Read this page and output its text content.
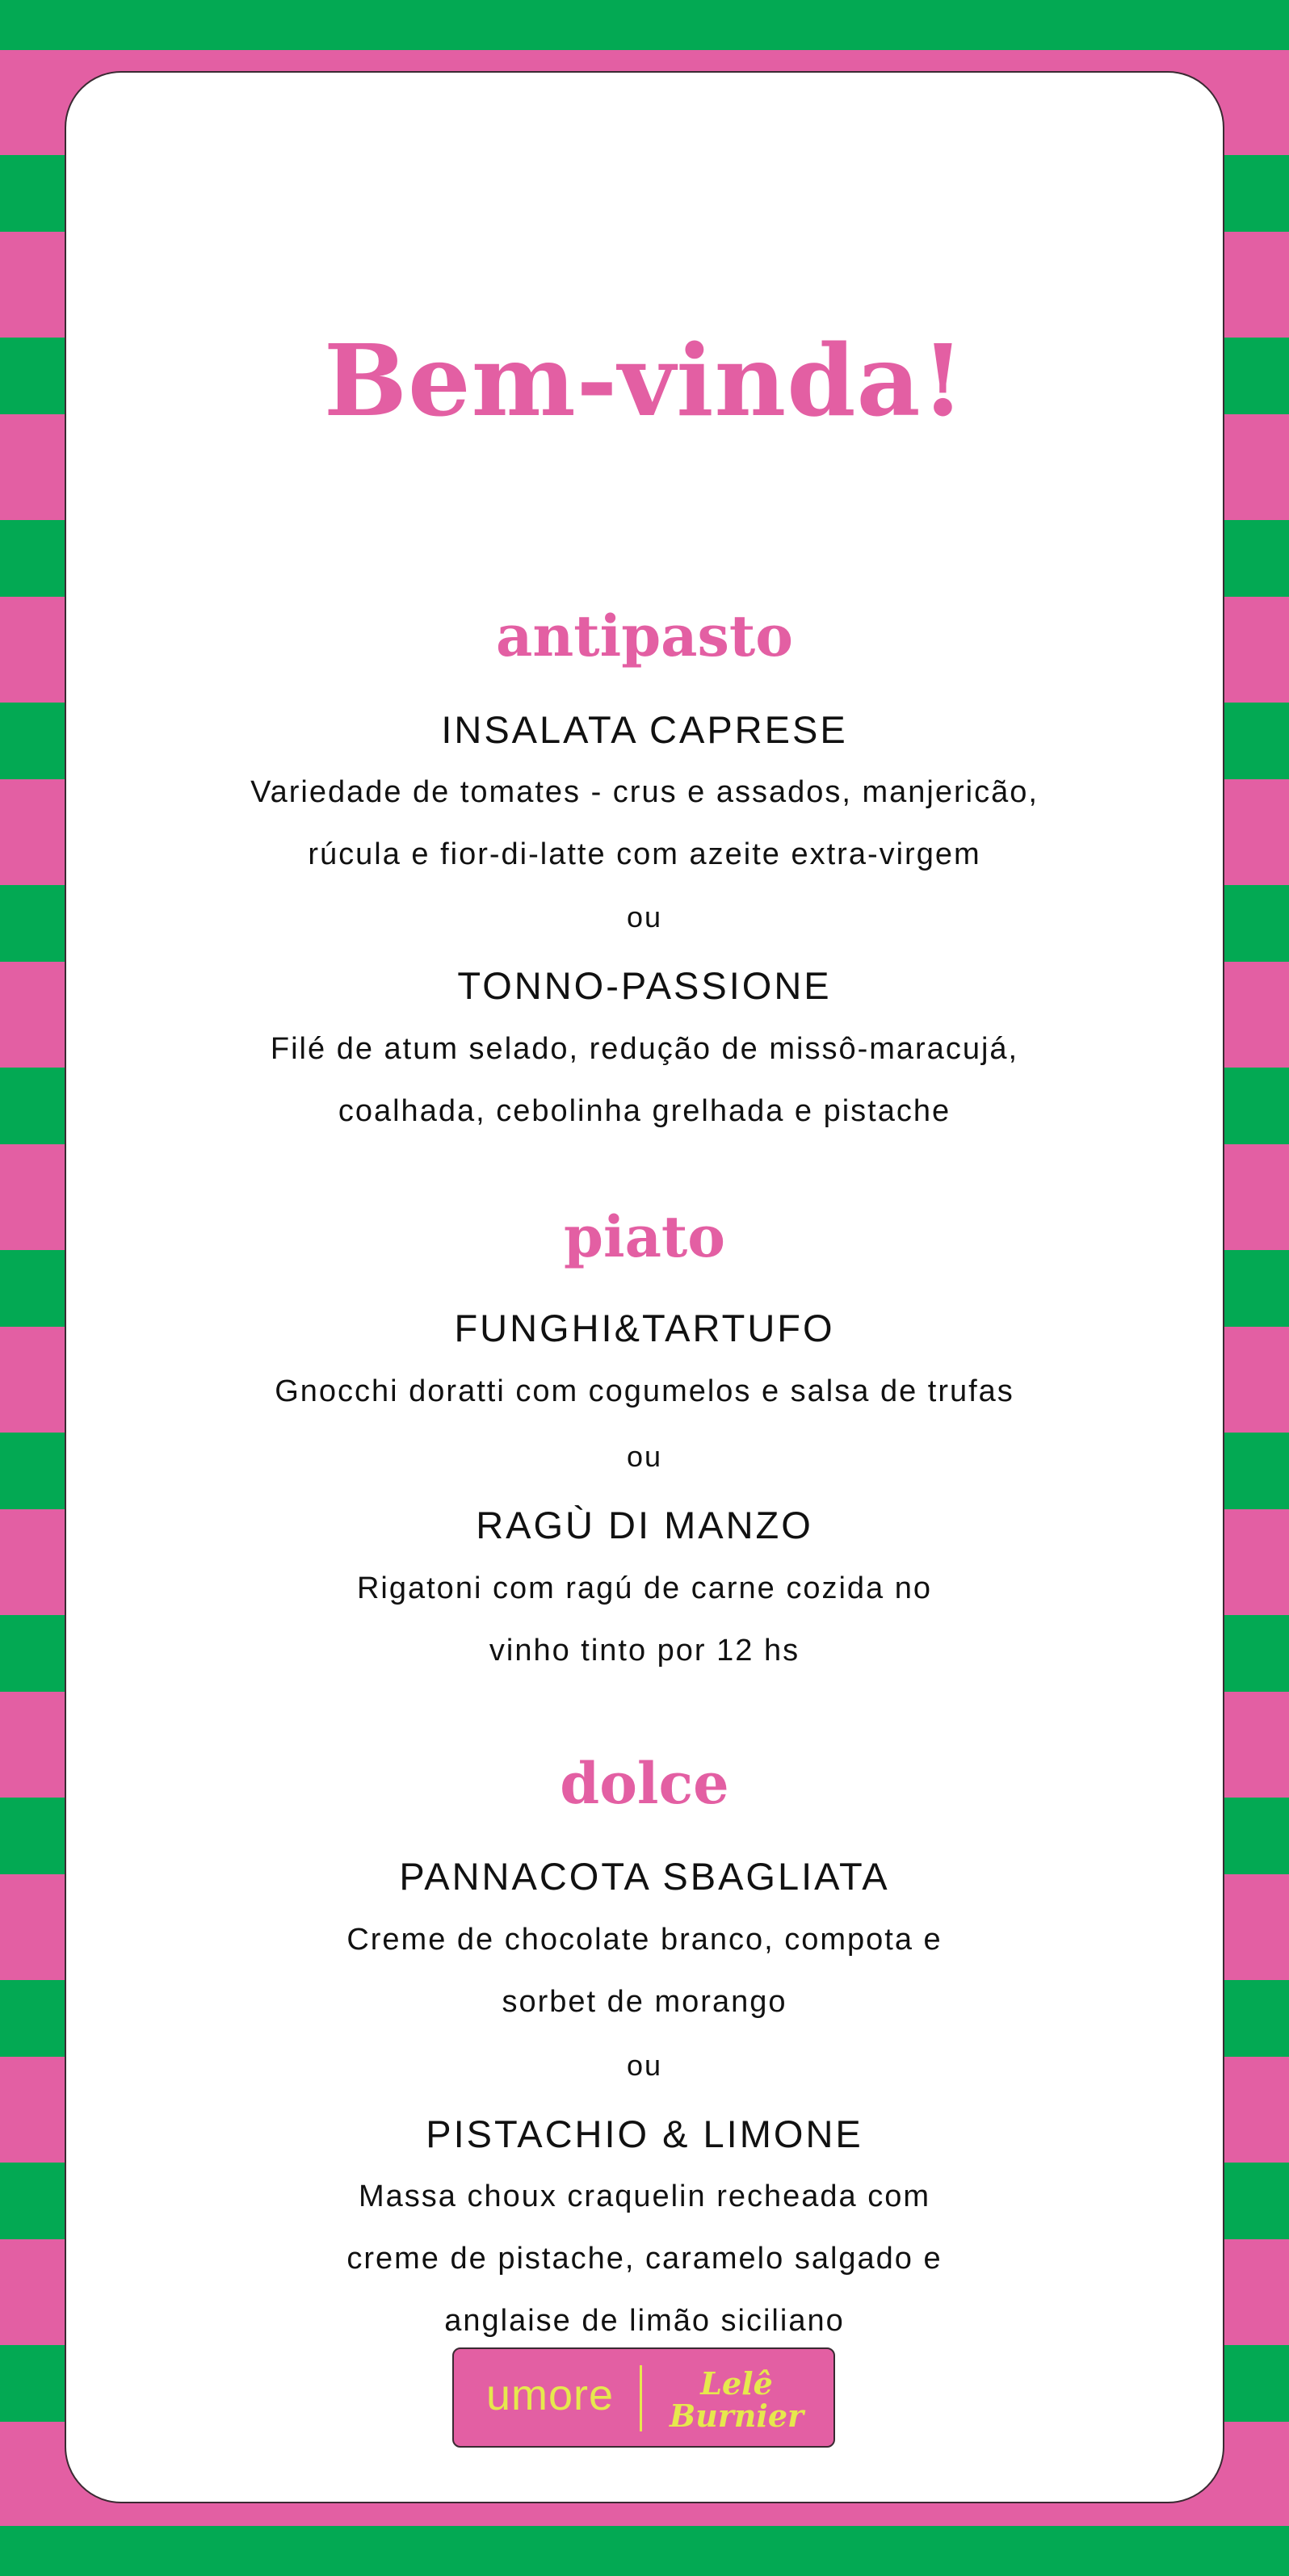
Bem-vinda!
antipasto
INSALATA CAPRESE
Variedade de tomates - crus e assados, manjericão,
rúcula e fior-di-latte com azeite extra-virgem
ou
TONNO-PASSIONE
Filé de atum selado, redução de missô-maracujá,
coalhada, cebolinha grelhada e pistache
piato
FUNGHI&TARTUFO
Gnocchi doratti com cogumelos e salsa de trufas
ou
RAGÙ DI MANZO
Rigatoni com ragú de carne cozida no
vinho tinto por 12 hs
dolce
PANNACOTA SBAGLIATA
Creme de chocolate branco, compota e
sorbet de morango
ou
PISTACHIO & LIMONE
Massa choux craquelin recheada com
creme de pistache, caramelo salgado e
anglaise de limão siciliano
umore	Lelê
Burnier
